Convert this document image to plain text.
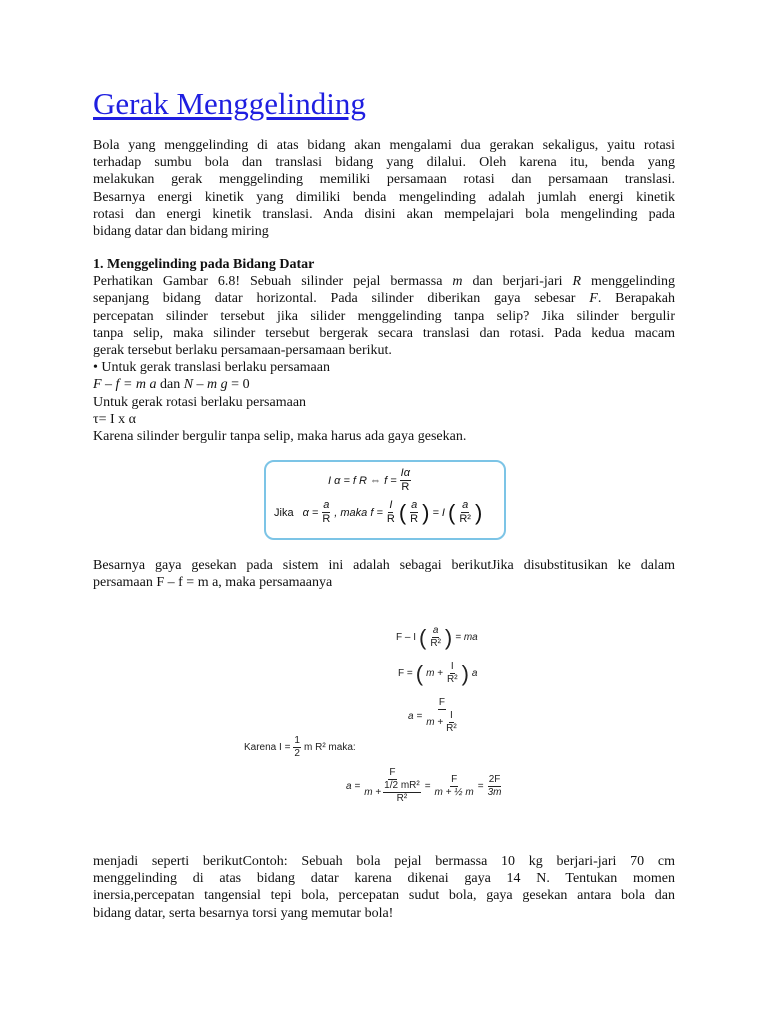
Gerak Menggelinding
Bola yang menggelinding di atas bidang akan mengalami dua gerakan sekaligus, yaitu rotasi
terhadap sumbu bola dan translasi bidang yang dilalui. Oleh karena itu, benda yang
melakukan gerak menggelinding memiliki persamaan rotasi dan persamaan translasi.
Besarnya energi kinetik yang dimiliki benda mengelinding adalah jumlah energi kinetik
rotasi dan energi kinetik translasi. Anda disini akan mempelajari bola mengelinding pada
bidang datar dan bidang miring
1. Menggelinding pada Bidang Datar
Perhatikan Gambar 6.8! Sebuah silinder pejal bermassa m dan berjari-jari R menggelinding
sepanjang bidang datar horizontal. Pada silinder diberikan gaya sebesar F. Berapakah
percepatan silinder tersebut jika silider menggelinding tanpa selip? Jika silinder bergulir
tanpa selip, maka silinder tersebut bergerak secara translasi dan rotasi. Pada kedua macam
gerak tersebut berlaku persamaan-persamaan berikut.
• Untuk gerak translasi berlaku persamaan
F – f = m a dan N – m g = 0
Untuk gerak rotasi berlaku persamaan
τ= I x α
Karena silinder bergulir tanpa selip, maka harus ada gaya gesekan.
I α = f R ⇔ $f = \frac{I\alpha}{R}$
Jika $\alpha = \frac{a}{R}$ , maka $f = \frac{I}{R}$ ( $\frac{a}{R}$ ) = I ( $\frac{a}{\text{R²}}$ )
Besarnya gaya gesekan pada sistem ini adalah sebagai berikutJika disubstitusikan ke dalam
persamaan F – f = m a, maka persamaanya
F – I ( $\frac{a}{\text{R²}}$ ) = ma
F = ( $m + \frac{I}{\text{R²}}$ ) a
$a = \frac{F}{m + \frac{I}{\text{R²}}}$
Karena $I = \frac{1}{2}$ m R² maka:
$a = \frac{F}{m + \frac{\text{1/2 mR²}}{\text{R²}}} = \frac{F}{\text{m + ½ m}} = \frac{2F}{3m}$
menjadi seperti berikutContoh: Sebuah bola pejal bermassa 10 kg berjari-jari 70 cm
menggelinding di atas bidang datar karena dikenai gaya 14 N. Tentukan momen
inersia,percepatan tangensial tepi bola, percepatan sudut bola, gaya gesekan antara bola dan
bidang datar, serta besarnya torsi yang memutar bola!
